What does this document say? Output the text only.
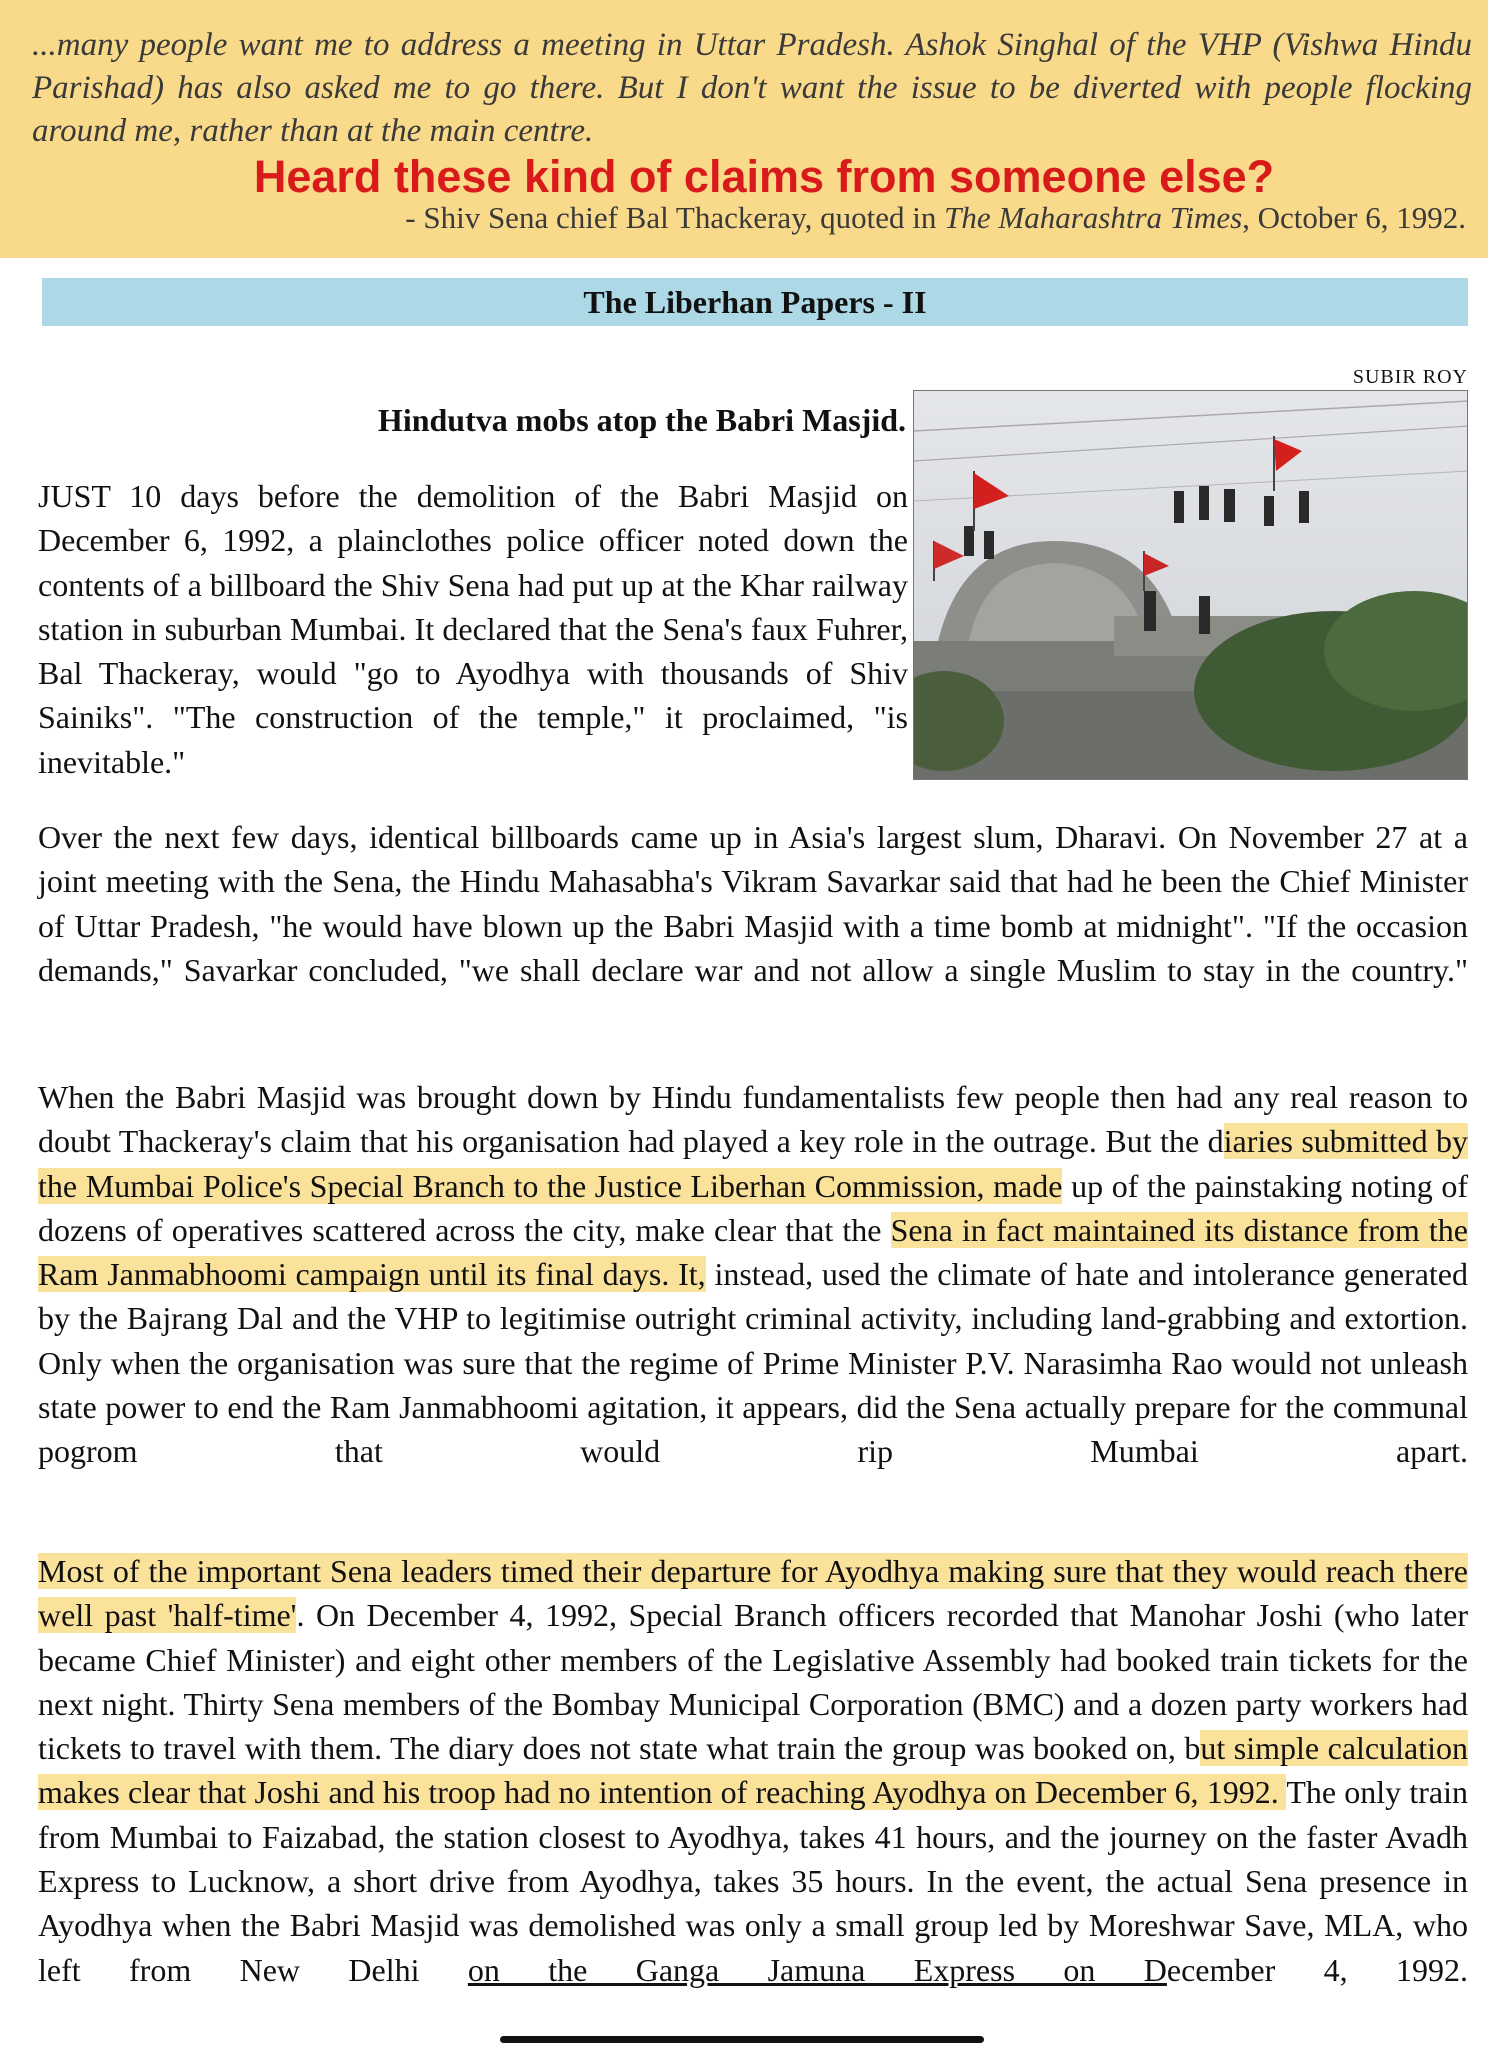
...many people want me to address a meeting in Uttar Pradesh. Ashok Singhal of the VHP (Vishwa Hindu Parishad) has also asked me to go there. But I don't want the issue to be diverted with people flocking around me, rather than at the main centre.
Heard these kind of claims from someone else?
- Shiv Sena chief Bal Thackeray, quoted in The Maharashtra Times, October 6, 1992.
The Liberhan Papers - II
SUBIR ROY
Hindutva mobs atop the Babri Masjid.

JUST 10 days before the demolition of the Babri Masjid on December 6, 1992, a plainclothes police officer noted down the contents of a billboard the Shiv Sena had put up at the Khar railway station in suburban Mumbai. It declared that the Sena's faux Fuhrer, Bal Thackeray, would "go to Ayodhya with thousands of Shiv Sainiks". "The construction of the temple," it proclaimed, "is inevitable."

Over the next few days, identical billboards came up in Asia's largest slum, Dharavi. On November 27 at a joint meeting with the Sena, the Hindu Mahasabha's Vikram Savarkar said that had he been the Chief Minister of Uttar Pradesh, "he would have blown up the Babri Masjid with a time bomb at midnight". "If the occasion demands," Savarkar concluded, "we shall declare war and not allow a single Muslim to stay in the country."

When the Babri Masjid was brought down by Hindu fundamentalists few people then had any real reason to doubt Thackeray's claim that his organisation had played a key role in the outrage. But the diaries submitted by the Mumbai Police's Special Branch to the Justice Liberhan Commission, made up of the painstaking noting of dozens of operatives scattered across the city, make clear that the Sena in fact maintained its distance from the Ram Janmabhoomi campaign until its final days. It, instead, used the climate of hate and intolerance generated by the Bajrang Dal and the VHP to legitimise outright criminal activity, including land-grabbing and extortion. Only when the organisation was sure that the regime of Prime Minister P.V. Narasimha Rao would not unleash state power to end the Ram Janmabhoomi agitation, it appears, did the Sena actually prepare for the communal pogrom that would rip Mumbai apart.

Most of the important Sena leaders timed their departure for Ayodhya making sure that they would reach there well past 'half-time'. On December 4, 1992, Special Branch officers recorded that Manohar Joshi (who later became Chief Minister) and eight other members of the Legislative Assembly had booked train tickets for the next night. Thirty Sena members of the Bombay Municipal Corporation (BMC) and a dozen party workers had tickets to travel with them. The diary does not state what train the group was booked on, but simple calculation makes clear that Joshi and his troop had no intention of reaching Ayodhya on December 6, 1992. The only train from Mumbai to Faizabad, the station closest to Ayodhya, takes 41 hours, and the journey on the faster Avadh Express to Lucknow, a short drive from Ayodhya, takes 35 hours. In the event, the actual Sena presence in Ayodhya when the Babri Masjid was demolished was only a small group led by Moreshwar Save, MLA, who left from New Delhi on the Ganga Jamuna Express on December 4, 1992.
